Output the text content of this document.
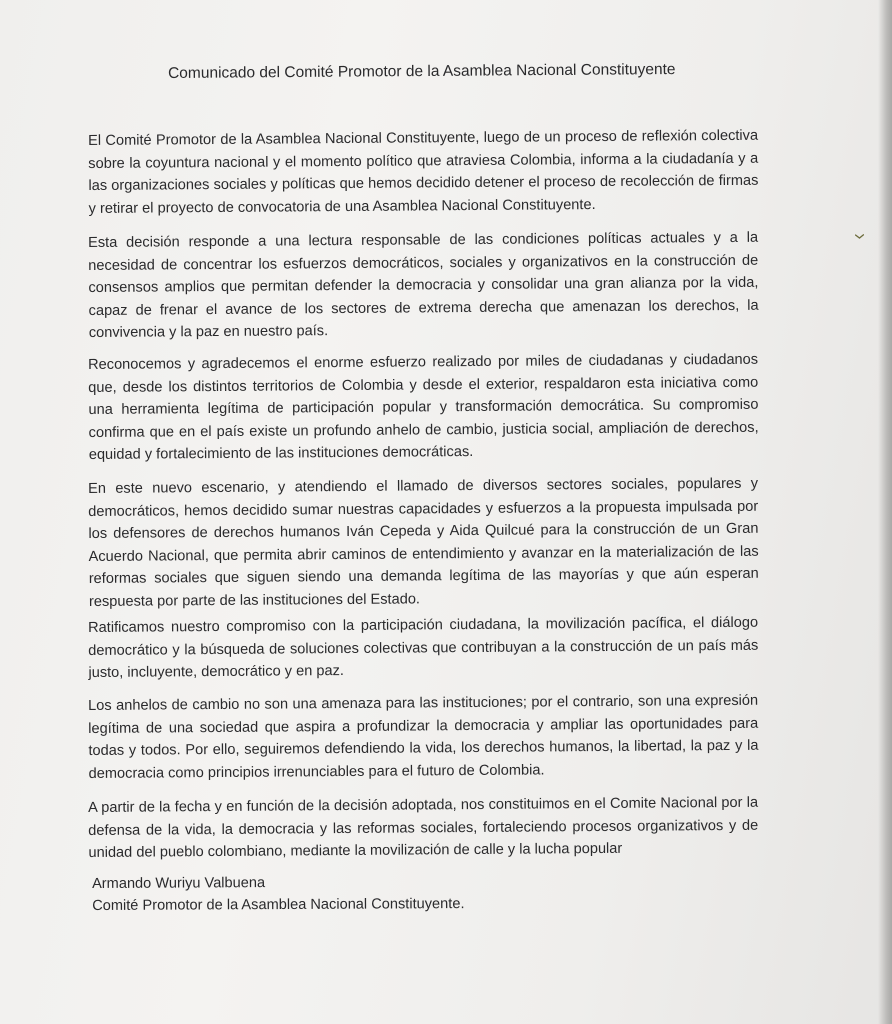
Comunicado del Comité Promotor de la Asamblea Nacional Constituyente
El Comité Promotor de la Asamblea Nacional Constituyente, luego de un proceso de reflexión colectiva sobre la coyuntura nacional y el momento político que atraviesa Colombia, informa a la ciudadanía y a las organizaciones sociales y políticas que hemos decidido detener el proceso de recolección de firmas y retirar el proyecto de convocatoria de una Asamblea Nacional Constituyente.
Esta decisión responde a una lectura responsable de las condiciones políticas actuales y a la necesidad de concentrar los esfuerzos democráticos, sociales y organizativos en la construcción de consensos amplios que permitan defender la democracia y consolidar una gran alianza por la vida, capaz de frenar el avance de los sectores de extrema derecha que amenazan los derechos, la convivencia y la paz en nuestro país.
Reconocemos y agradecemos el enorme esfuerzo realizado por miles de ciudadanas y ciudadanos que, desde los distintos territorios de Colombia y desde el exterior, respaldaron esta iniciativa como una herramienta legítima de participación popular y transformación democrática. Su compromiso confirma que en el país existe un profundo anhelo de cambio, justicia social, ampliación de derechos, equidad y fortalecimiento de las instituciones democráticas.
En este nuevo escenario, y atendiendo el llamado de diversos sectores sociales, populares y democráticos, hemos decidido sumar nuestras capacidades y esfuerzos a la propuesta impulsada por los defensores de derechos humanos Iván Cepeda y Aida Quilcué para la construcción de un Gran Acuerdo Nacional, que permita abrir caminos de entendimiento y avanzar en la materialización de las reformas sociales que siguen siendo una demanda legítima de las mayorías y que aún esperan respuesta por parte de las instituciones del Estado.
Ratificamos nuestro compromiso con la participación ciudadana, la movilización pacífica, el diálogo democrático y la búsqueda de soluciones colectivas que contribuyan a la construcción de un país más justo, incluyente, democrático y en paz.
Los anhelos de cambio no son una amenaza para las instituciones; por el contrario, son una expresión legítima de una sociedad que aspira a profundizar la democracia y ampliar las oportunidades para todas y todos. Por ello, seguiremos defendiendo la vida, los derechos humanos, la libertad, la paz y la democracia como principios irrenunciables para el futuro de Colombia.
A partir de la fecha y en función de la decisión adoptada, nos constituimos en el Comite Nacional por la defensa de la vida, la democracia y las reformas sociales, fortaleciendo procesos organizativos y de unidad del pueblo colombiano, mediante la movilización de calle y la lucha popular
Armando Wuriyu Valbuena
Comité Promotor de la Asamblea Nacional Constituyente.
